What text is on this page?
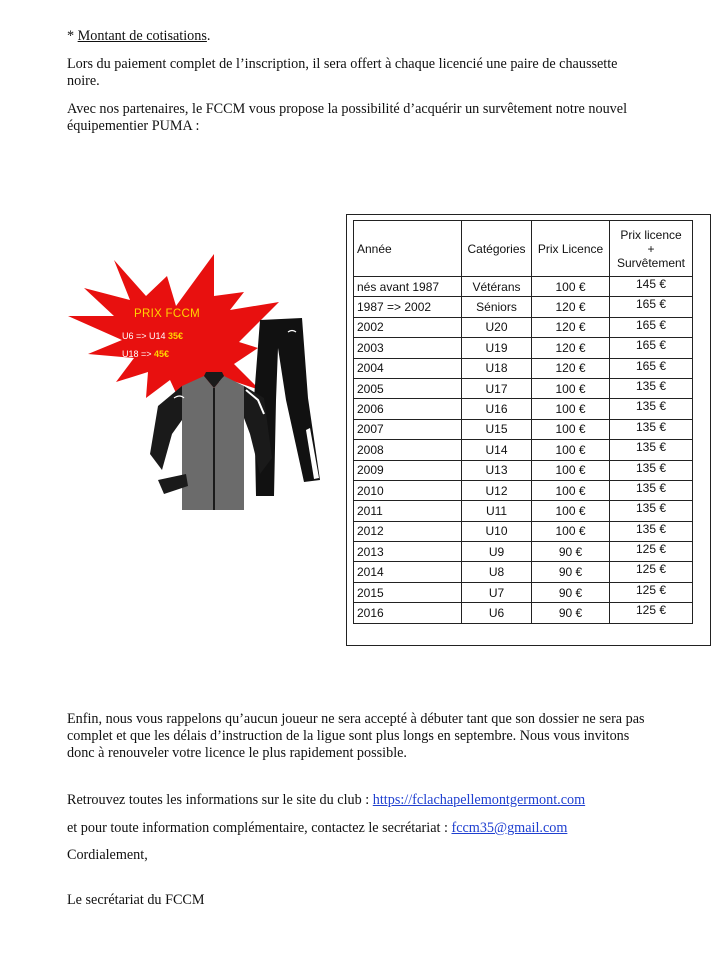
* Montant de cotisations.

Lors du paiement complet de l’inscription, il sera offert à chaque licencié une paire de chaussette noire.

Avec nos partenaires, le FCCM vous propose la possibilité d’acquérir un survêtement notre nouvel équipementier PUMA :

PRIX FCCM
U6 => U14 35€
U18 => 45€
Année	Catégories	Prix Licence	Prix licence
+
Survêtement

nés avant 1987	Vétérans	100 €	145 €
1987 => 2002	Séniors	120 €	165 €
2002	U20	120 €	165 €
2003	U19	120 €	165 €
2004	U18	120 €	165 €
2005	U17	100 €	135 €
2006	U16	100 €	135 €
2007	U15	100 €	135 €
2008	U14	100 €	135 €
2009	U13	100 €	135 €
2010	U12	100 €	135 €
2011	U11	100 €	135 €
2012	U10	100 €	135 €
2013	U9	90 €	125 €
2014	U8	90 €	125 €
2015	U7	90 €	125 €
2016	U6	90 €	125 €

Enfin, nous vous rappelons qu’aucun joueur ne sera accepté à débuter tant que son dossier ne sera pas complet et que les délais d’instruction de la ligue sont plus longs en septembre. Nous vous invitons donc à renouveler votre licence le plus rapidement possible.

Retrouvez toutes les informations sur le site du club : https://fclachapellemontgermont.com

et pour toute information complémentaire, contactez le secrétariat : fccm35@gmail.com

Cordialement,

Le secrétariat du FCCM
